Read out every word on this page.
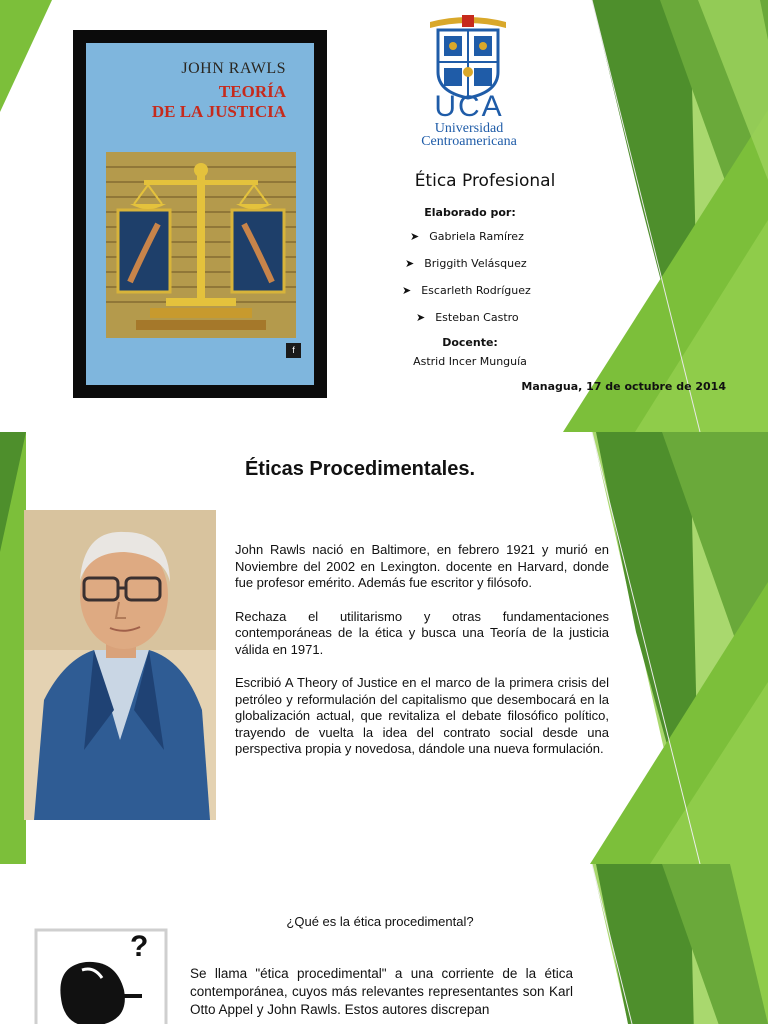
JOHN RAWLS
TEORÍA
DE LA JUSTICIA
f
UCA
Universidad
Centroamericana
Ética Profesional
Elaborado por:
➤ Gabriela Ramírez
➤ Briggith Velásquez
➤ Escarleth Rodríguez
➤ Esteban Castro
Docente:
Astrid Incer Munguía
Managua, 17 de octubre de 2014
Éticas Procedimentales.

John Rawls nació en Baltimore, en febrero 1921 y murió en Noviembre del 2002 en Lexington. docente en Harvard, donde fue profesor emérito. Además fue escritor y filósofo.

Rechaza el utilitarismo y otras fundamentaciones contemporáneas de la ética y busca una Teoría de la justicia válida en 1971.

Escribió A Theory of Justice en el marco de la primera crisis del petróleo y reformulación del capitalismo que desembocará en la globalización actual, que revitaliza el debate filosófico político, trayendo de vuelta la idea del contrato social desde una perspectiva propia y novedosa, dándole una nueva formulación.

¿Qué es la ética procedimental?
?
Se llama "ética procedimental" a una corriente de la ética contemporánea, cuyos más relevantes representantes son Karl Otto Appel y John Rawls. Estos autores discrepan
